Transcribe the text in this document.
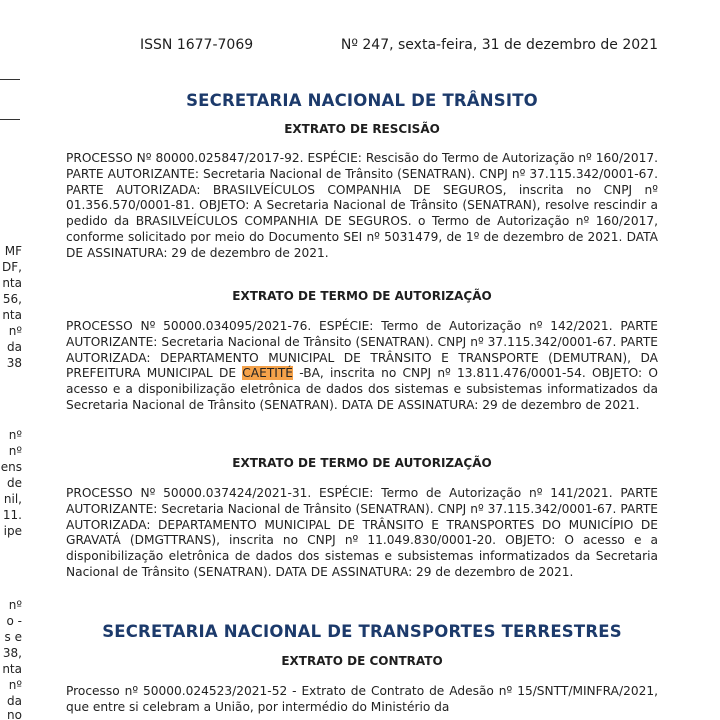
ISSN 1677-7069	Nº 247, sexta-feira, 31 de dezembro de 2021
MF
DF,
nta
56,
nta
nº
da
38
nº
nº
ens
de
nil,
11.
ipe
nº
o -
s e
38,
nta
nº
da
no
SECRETARIA NACIONAL DE TRÂNSITO
EXTRATO DE RESCISÃO

PROCESSO Nº 80000.025847/2017-92. ESPÉCIE: Rescisão do Termo de Autorização nº 160/2017. PARTE AUTORIZANTE: Secretaria Nacional de Trânsito (SENATRAN). CNPJ nº 37.115.342/0001-67. PARTE AUTORIZADA: BRASILVEÍCULOS COMPANHIA DE SEGUROS, inscrita no CNPJ nº 01.356.570/0001-81. OBJETO: A Secretaria Nacional de Trânsito (SENATRAN), resolve rescindir a pedido da BRASILVEÍCULOS COMPANHIA DE SEGUROS. o Termo de Autorização nº 160/2017, conforme solicitado por meio do Documento SEI nº 5031479, de 1º de dezembro de 2021. DATA DE ASSINATURA: 29 de dezembro de 2021.

EXTRATO DE TERMO DE AUTORIZAÇÃO

PROCESSO Nº 50000.034095/2021-76. ESPÉCIE: Termo de Autorização nº 142/2021. PARTE AUTORIZANTE: Secretaria Nacional de Trânsito (SENATRAN). CNPJ nº 37.115.342/0001-67. PARTE AUTORIZADA: DEPARTAMENTO MUNICIPAL DE TRÂNSITO E TRANSPORTE (DEMUTRAN), DA PREFEITURA MUNICIPAL DE CAETITÉ -BA, inscrita no CNPJ nº 13.811.476/0001-54. OBJETO: O acesso e a disponibilização eletrônica de dados dos sistemas e subsistemas informatizados da Secretaria Nacional de Trânsito (SENATRAN). DATA DE ASSINATURA: 29 de dezembro de 2021.

EXTRATO DE TERMO DE AUTORIZAÇÃO

PROCESSO Nº 50000.037424/2021-31. ESPÉCIE: Termo de Autorização nº 141/2021. PARTE AUTORIZANTE: Secretaria Nacional de Trânsito (SENATRAN). CNPJ nº 37.115.342/0001-67. PARTE AUTORIZADA: DEPARTAMENTO MUNICIPAL DE TRÂNSITO E TRANSPORTES DO MUNICÍPIO DE GRAVATÁ (DMGTTRANS), inscrita no CNPJ nº 11.049.830/0001-20. OBJETO: O acesso e a disponibilização eletrônica de dados dos sistemas e subsistemas informatizados da Secretaria Nacional de Trânsito (SENATRAN). DATA DE ASSINATURA: 29 de dezembro de 2021.

SECRETARIA NACIONAL DE TRANSPORTES TERRESTRES
EXTRATO DE CONTRATO

Processo nº 50000.024523/2021-52 - Extrato de Contrato de Adesão nº 15/SNTT/MINFRA/2021, que entre si celebram a União, por intermédio do Ministério da
